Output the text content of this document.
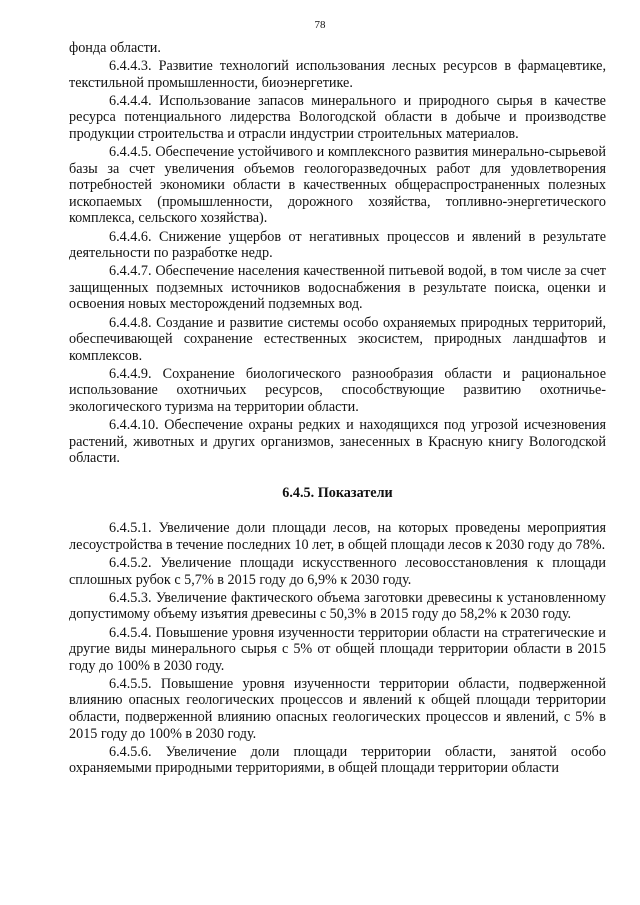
78

фонда области.

6.4.4.3. Развитие технологий использования лесных ресурсов в фармацевтике, текстильной промышленности, биоэнергетике.

6.4.4.4. Использование запасов минерального и природного сырья в качестве ресурса потенциального лидерства Вологодской области в добыче и производстве продукции строительства и отрасли индустрии строительных материалов.

6.4.4.5. Обеспечение устойчивого и комплексного развития минерально-сырьевой базы за счет увеличения объемов геологоразведочных работ для удовлетворения потребностей экономики области в качественных общераспространенных полезных ископаемых (промышленности, дорожного хозяйства, топливно-энергетического комплекса, сельского хозяйства).

6.4.4.6. Снижение ущербов от негативных процессов и явлений в результате деятельности по разработке недр.

6.4.4.7. Обеспечение населения качественной питьевой водой, в том числе за счет защищенных подземных источников водоснабжения в результате поиска, оценки и освоения новых месторождений подземных вод.

6.4.4.8. Создание и развитие системы особо охраняемых природных территорий, обеспечивающей сохранение естественных экосистем, природных ландшафтов и комплексов.

6.4.4.9. Сохранение биологического разнообразия области и рациональное использование охотничьих ресурсов, способствующие развитию охотничье-экологического туризма на территории области.

6.4.4.10. Обеспечение охраны редких и находящихся под угрозой исчезновения растений, животных и других организмов, занесенных в Красную книгу Вологодской области.

6.4.5. Показатели

6.4.5.1. Увеличение доли площади лесов, на которых проведены мероприятия лесоустройства в течение последних 10 лет, в общей площади лесов к 2030 году до 78%.

6.4.5.2. Увеличение площади искусственного лесовосстановления к площади сплошных рубок с 5,7% в 2015 году до 6,9% к 2030 году.

6.4.5.3. Увеличение фактического объема заготовки древесины к установленному допустимому объему изъятия древесины с 50,3% в 2015 году до 58,2% к 2030 году.

6.4.5.4. Повышение уровня изученности территории области на стратегические и другие виды минерального сырья с 5% от общей площади территории области в 2015 году до 100% в 2030 году.

6.4.5.5. Повышение уровня изученности территории области, подверженной влиянию опасных геологических процессов и явлений к общей площади территории области, подверженной влиянию опасных геологических процессов и явлений, с 5% в 2015 году до 100% в 2030 году.

6.4.5.6. Увеличение доли площади территории области, занятой особо охраняемыми природными территориями, в общей площади территории области
